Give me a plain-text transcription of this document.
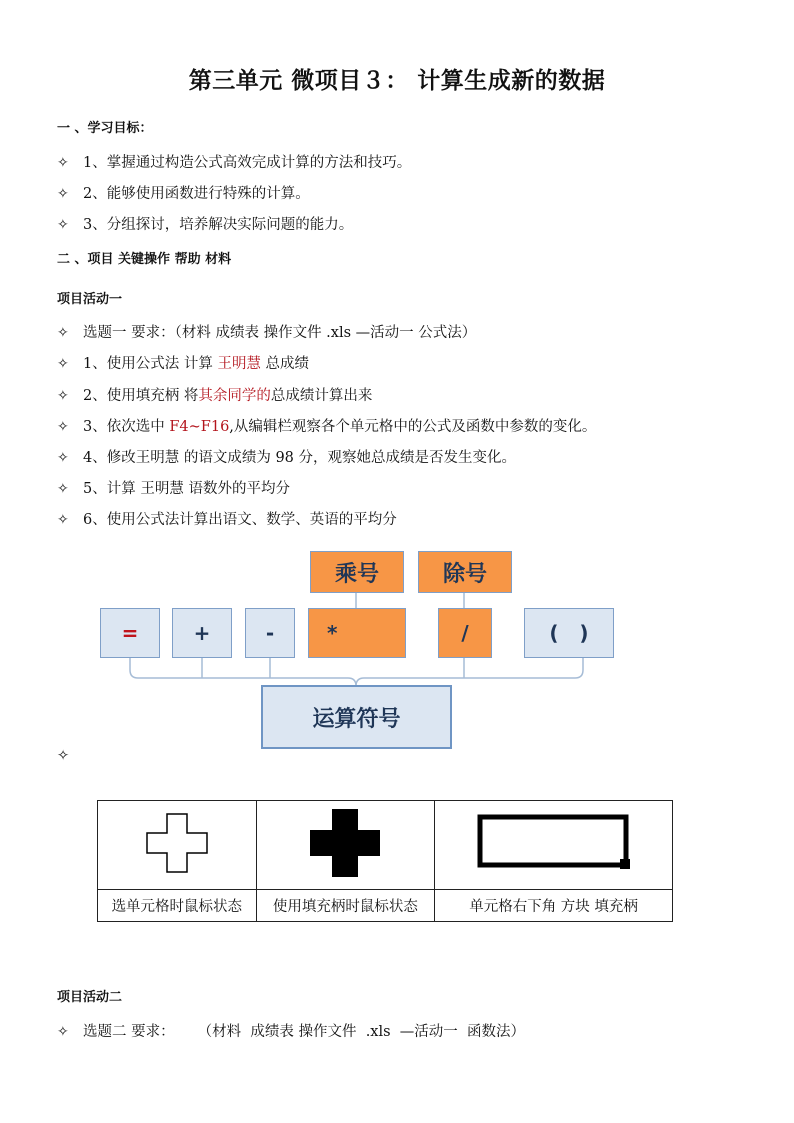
第三单元 微项目３： 计算生成新的数据
一 、学习目标：
✧ 1、掌握通过构造公式高效完成计算的方法和技巧。
✧ 2、能够使用函数进行特殊的计算。
✧ 3、分组探讨，培养解决实际问题的能力。
二 、项目 关键操作 帮助 材料
项目活动一
✧ 选题一 要求：（材料 成绩表 操作文件 .xls —活动一 公式法）
✧ 1、使用公式法 计算 王明慧 总成绩
✧ 2、使用填充柄 将其余同学的总成绩计算出来
✧ 3、依次选中 F4~F16,从编辑栏观察各个单元格中的公式及函数中参数的变化。
✧ 4、修改王明慧 的语文成绩为 98 分，观察她总成绩是否发生变化。
✧ 5、计算 王明慧 语数外的平均分
✧ 6、使用公式法计算出语文、数学、英语的平均分
乘号	除号
=	+	-	*	/	(   )
运算符号
✧

选单元格时鼠标状态	使用填充柄时鼠标状态	单元格右下角 方块 填充柄
项目活动二
✧ 选题二 要求：     （材料  成绩表 操作文件  .xls  —活动一  函数法）
